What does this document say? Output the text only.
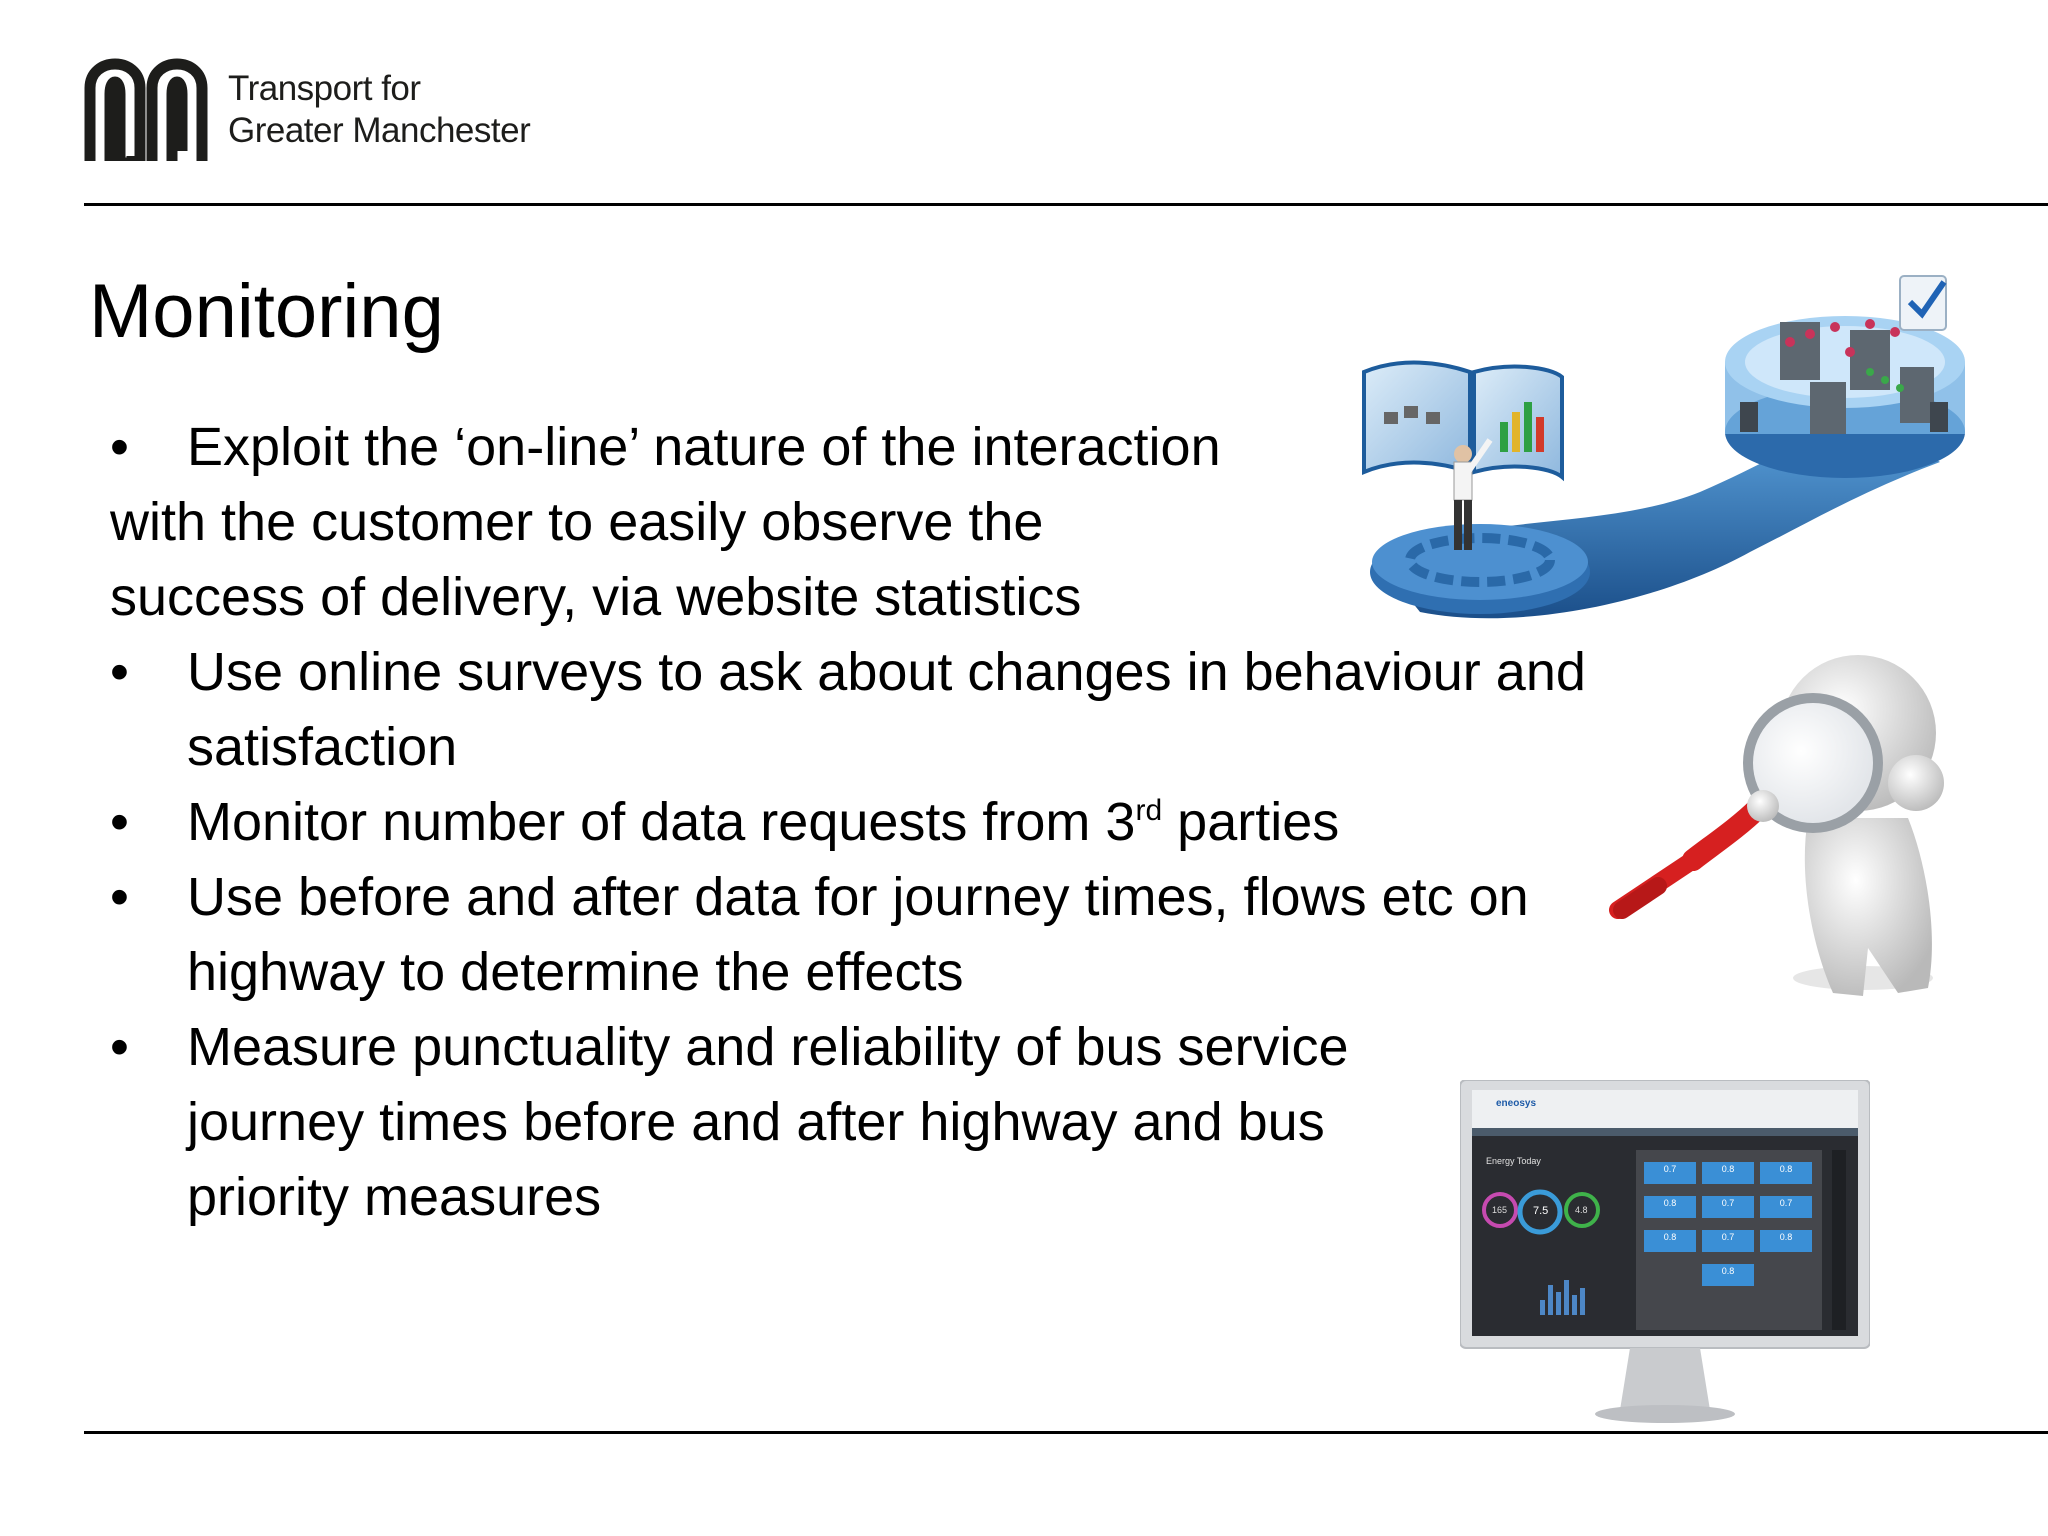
Transport for
Greater Manchester
Monitoring
• Exploit the ‘on-line’ nature of the interaction
with the customer to easily observe the
success of delivery, via website statistics
• Use online surveys to ask about changes in behaviour and satisfaction
• Monitor number of data requests from 3rd parties
• Use before and after data for journey times, flows etc on highway to determine the effects
• Measure punctuality and reliability of bus service journey times before and after highway and bus priority measures
eneosys
Energy Today
165 7.5	4.8
0.7	0.8	0.8
0.8	0.7	0.7
0.8	0.7	0.8
0.8
